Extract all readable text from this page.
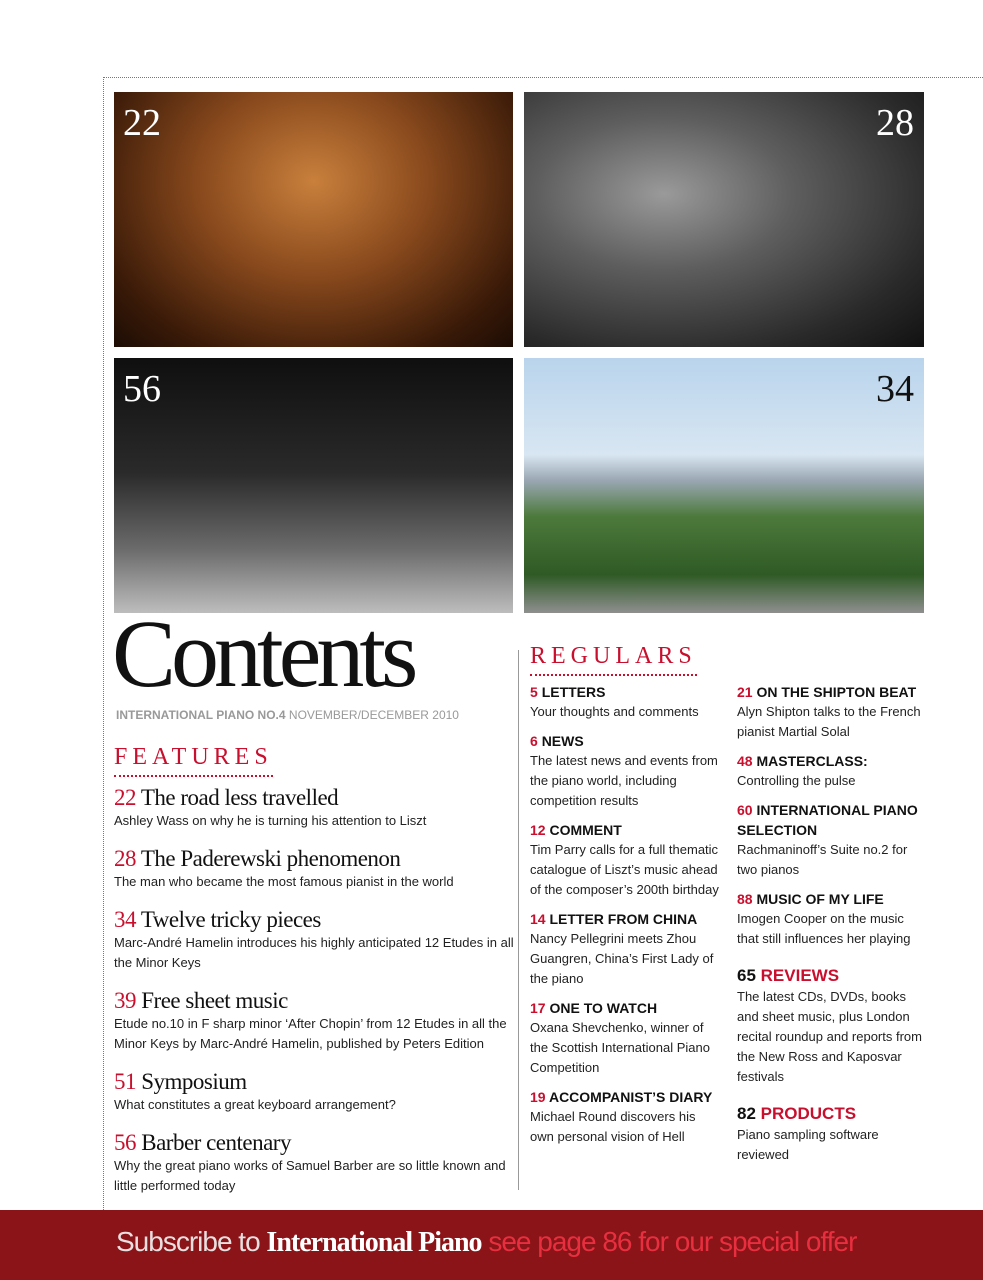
22	28
56	34
Contents
INTERNATIONAL PIANO NO.4 NOVEMBER/DECEMBER 2010
FEATURES
22 The road less travelled
Ashley Wass on why he is turning his attention to Liszt
28 The Paderewski phenomenon
The man who became the most famous pianist in the world
34 Twelve tricky pieces
Marc-André Hamelin introduces his highly anticipated 12 Etudes in all the Minor Keys
39 Free sheet music
Etude no.10 in F sharp minor ‘After Chopin’ from 12 Etudes in all the Minor Keys by Marc-André Hamelin, published by Peters Edition
51 Symposium
What constitutes a great keyboard arrangement?
56 Barber centenary
Why the great piano works of Samuel Barber are so little known and little performed today
REGULARS
5 LETTERS
Your thoughts and comments
6 NEWS
The latest news and events from the piano world, including competition results
12 COMMENT
Tim Parry calls for a full thematic catalogue of Liszt’s music ahead of the composer’s 200th birthday
14 LETTER FROM CHINA
Nancy Pellegrini meets Zhou Guangren, China’s First Lady of the piano
17 ONE TO WATCH
Oxana Shevchenko, winner of the Scottish International Piano Competition
19 ACCOMPANIST’S DIARY
Michael Round discovers his own personal vision of Hell
21 ON THE SHIPTON BEAT
Alyn Shipton talks to the French pianist Martial Solal
48 MASTERCLASS:
Controlling the pulse
60 INTERNATIONAL PIANO SELECTION
Rachmaninoff’s Suite no.2 for two pianos
88 MUSIC OF MY LIFE
Imogen Cooper on the music that still influences her playing
65 REVIEWS
The latest CDs, DVDs, books and sheet music, plus London recital roundup and reports from the New Ross and Kaposvar festivals
82 PRODUCTS
Piano sampling software reviewed
Subscribe to International Piano see page 86 for our special offer
